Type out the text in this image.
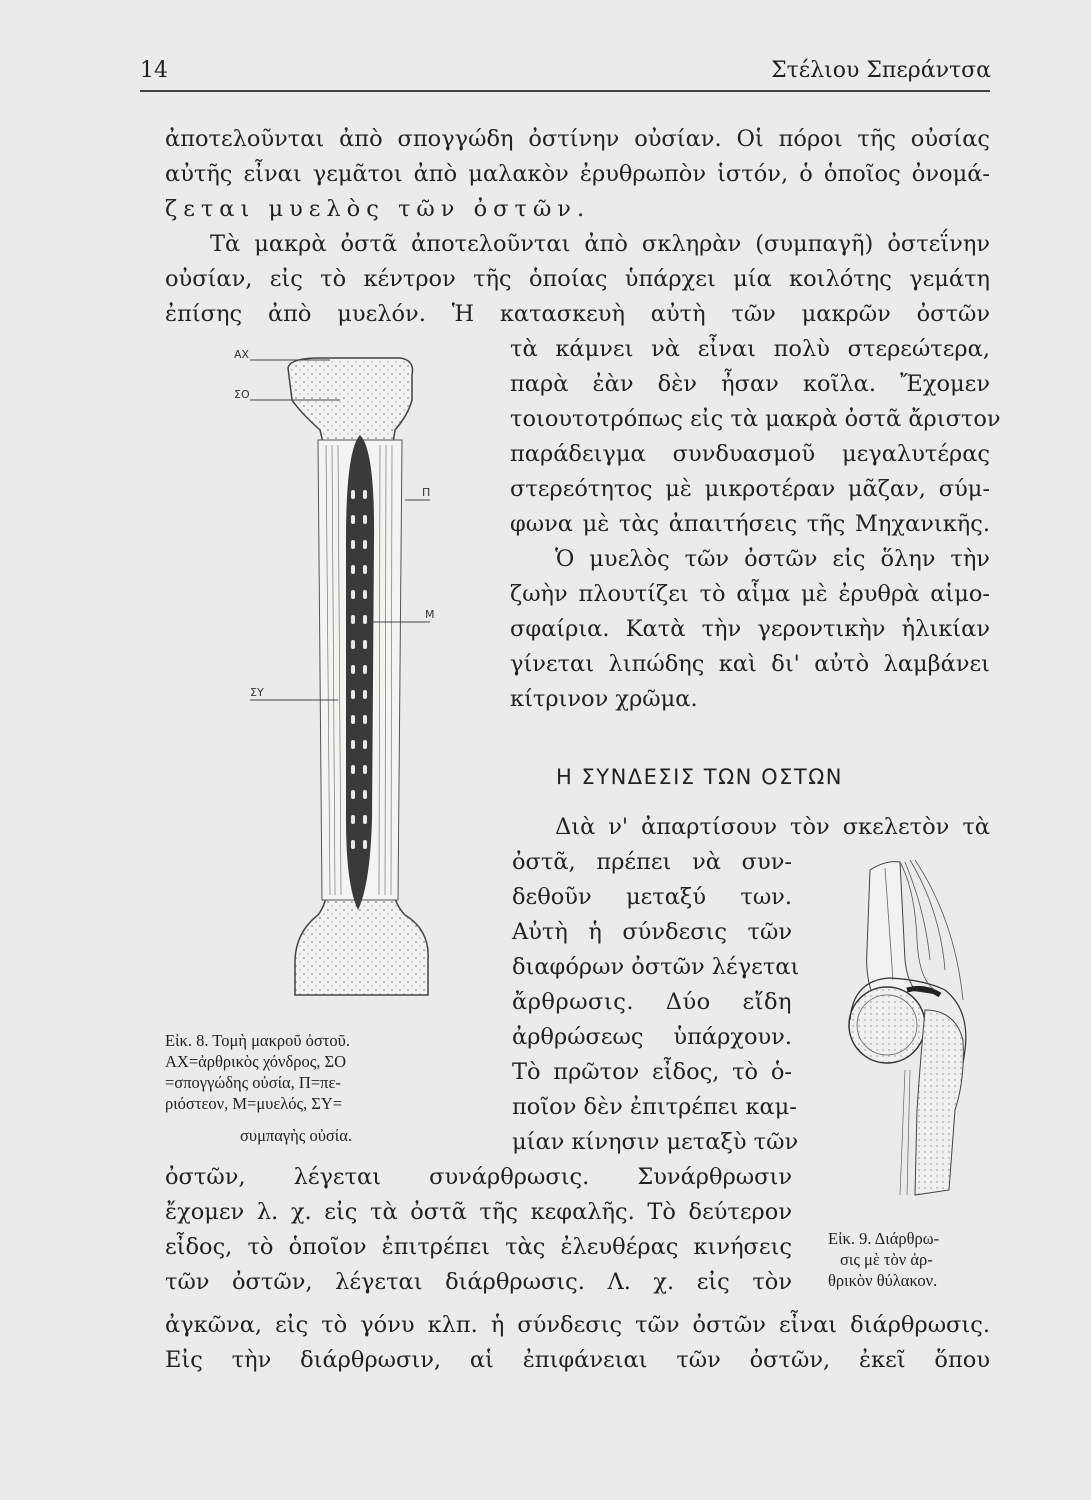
14	Στέλιου Σπεράντσα
ἀποτελοῦνται ἀπὸ σπογγώδη ὀστίνην οὐσίαν. Οἱ πόροι τῆς οὐσίας
αὐτῆς εἶναι γεμᾶτοι ἀπὸ μαλακὸν ἐρυθρωπὸν ἱστόν, ὁ ὁποῖος ὀνομά-
ζεται μυελὸς τῶν ὀστῶν.
Τὰ μακρὰ ὀστᾶ ἀποτελοῦνται ἀπὸ σκληρὰν (συμπαγῆ) ὀστεΐνην
οὐσίαν, εἰς τὸ κέντρον τῆς ὁποίας ὑπάρχει μία κοιλότης γεμάτη
ἐπίσης ἀπὸ μυελόν. Ἡ κατασκευὴ αὐτὴ τῶν μακρῶν ὀστῶν
τὰ κάμνει νὰ εἶναι πολὺ στερεώτερα,
παρὰ ἐὰν δὲν ἦσαν κοῖλα. Ἔχομεν
τοιουτοτρόπως εἰς τὰ μακρὰ ὀστᾶ ἄριστον
παράδειγμα συνδυασμοῦ μεγαλυτέρας
στερεότητος μὲ μικροτέραν μᾶζαν, σύμ-
φωνα μὲ τὰς ἀπαιτήσεις τῆς Μηχανικῆς.
Ὁ μυελὸς τῶν ὀστῶν εἰς ὅλην τὴν
ζωὴν πλουτίζει τὸ αἷμα μὲ ἐρυθρὰ αἱμο-
σφαίρια. Κατὰ τὴν γεροντικὴν ἡλικίαν
γίνεται λιπώδης καὶ δι' αὐτὸ λαμβάνει
κίτρινον χρῶμα.
Η ΣΥΝΔΕΣΙΣ ΤΩΝ ΟΣΤΩΝ
Διὰ ν' ἀπαρτίσουν τὸν σκελετὸν τὰ
ὀστᾶ, πρέπει νὰ συν-
δεθοῦν μεταξύ των.
Αὐτὴ ἡ σύνδεσις τῶν
διαφόρων ὀστῶν λέγεται
ἄρθρωσις. Δύο εἴδη
ἀρθρώσεως ὑπάρχουν.
Τὸ πρῶτον εἶδος, τὸ ὁ-
ποῖον δὲν ἐπιτρέπει καμ-
μίαν κίνησιν μεταξὺ τῶν
ὀστῶν, λέγεται συνάρθρωσις. Συνάρθρωσιν
ἔχομεν λ. χ. εἰς τὰ ὀστᾶ τῆς κεφαλῆς. Τὸ δεύτερον
εἶδος, τὸ ὁποῖον ἐπιτρέπει τὰς ἐλευθέρας κινήσεις
τῶν ὀστῶν, λέγεται διάρθρωσις. Λ. χ. εἰς τὸν
ἀγκῶνα, εἰς τὸ γόνυ κλπ. ἡ σύνδεσις τῶν ὀστῶν εἶναι διάρθρωσις.
Εἰς τὴν διάρθρωσιν, αἱ ἐπιφάνειαι τῶν ὀστῶν, ἐκεῖ ὅπου
ΑΧ
ΣΟ
Π
Μ
ΣΥ
Εἰκ. 8. Τομὴ μακροῦ ὀστοῦ.
ΑΧ=ἀρθρικὸς χόνδρος, ΣΟ
=σπογγώδης οὐσία, Π=πε-
ριόστεον, Μ=μυελός, ΣΥ=
συμπαγὴς οὐσία.
Εἰκ. 9. Διάρθρω-
σις μὲ τὸν ἀρ-
θρικὸν θύλακον.
